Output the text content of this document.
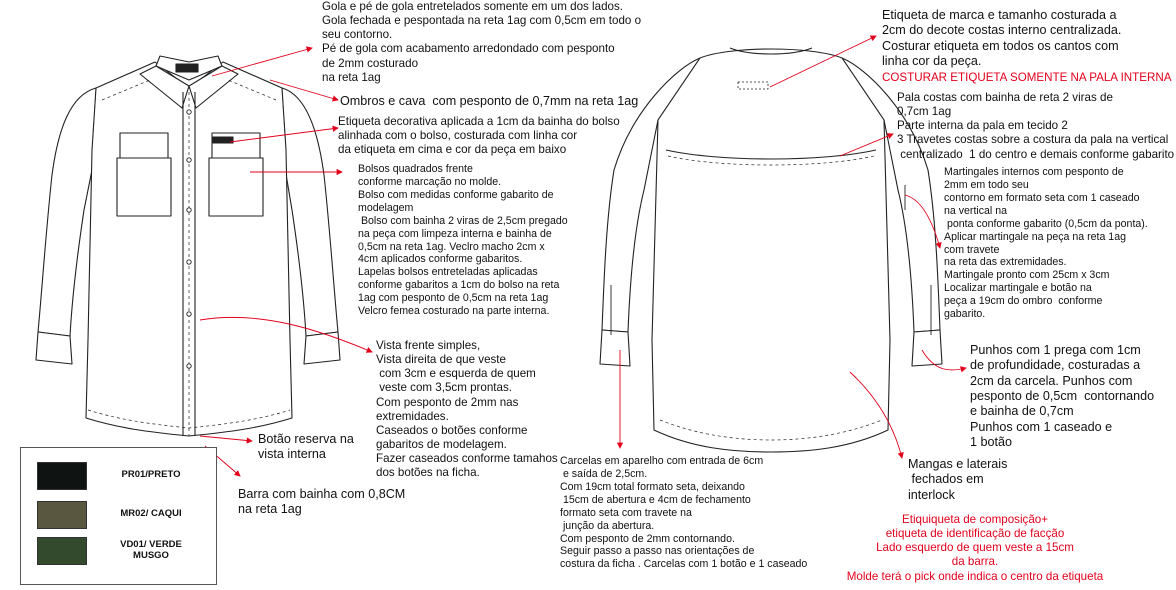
Gola e pé de gola entretelados somente em um dos lados.
Gola fechada e pespontada na reta 1ag com 0,5cm em todo o
seu contorno.
Pé de gola com acabamento arredondado com pesponto
de 2mm costurado
na reta 1ag
Ombros e cava  com pesponto de 0,7mm na reta 1ag
Etiqueta decorativa aplicada a 1cm da bainha do bolso
alinhada com o bolso, costurada com linha cor
da etiqueta em cima e cor da peça em baixo
Bolsos quadrados frente
conforme marcação no molde.
Bolso com medidas conforme gabarito de
modelagem
Bolso com bainha 2 viras de 2,5cm pregado
na peça com limpeza interna e bainha de
0,5cm na reta 1ag. Veclro macho 2cm x
4cm aplicados conforme gabaritos.
Lapelas bolsos entreteladas aplicadas
conforme gabaritos a 1cm do bolso na reta
1ag com pesponto de 0,5cm na reta 1ag
Velcro femea costurado na parte interna.
Vista frente simples,
Vista direita de que veste
com 3cm e esquerda de quem
veste com 3,5cm prontas.
Com pesponto de 2mm nas
extremidades.
Caseados o botões conforme
gabaritos de modelagem.
Fazer caseados conforme tamahos
dos botões na ficha.
Botão reserva na
vista interna
Barra com bainha com 0,8CM
na reta 1ag
Etiqueta de marca e tamanho costurada a
2cm do decote costas interno centralizada.
Costurar etiqueta em todos os cantos com
linha cor da peça.
COSTURAR ETIQUETA SOMENTE NA PALA INTERNA
Pala costas com bainha de reta 2 viras de
0,7cm 1ag
Parte interna da pala em tecido 2
3 Travetes costas sobre a costura da pala na vertical
centralizado  1 do centro e demais conforme gabarito
Martingales internos com pesponto de
2mm em todo seu
contorno em formato seta com 1 caseado
na vertical na
ponta conforme gabarito (0,5cm da ponta).
Aplicar martingale na peça na reta 1ag
com travete
na reta das extremidades.
Martingale pronto com 25cm x 3cm
Localizar martingale e botão na
peça a 19cm do ombro  conforme
gabarito.
Punhos com 1 prega com 1cm
de profundidade, costuradas a
2cm da carcela. Punhos com
pesponto de 0,5cm  contornando
e bainha de 0,7cm
Punhos com 1 caseado e
1 botão
Carcelas em aparelho com entrada de 6cm
e saída de 2,5cm.
Com 19cm total formato seta, deixando
15cm de abertura e 4cm de fechamento
formato seta com travete na
junção da abertura.
Com pesponto de 2mm contornando.
Seguir passo a passo nas orientações de
costura da ficha . Carcelas com 1 botão e 1 caseado
Mangas e laterais
fechados em
interlock
Etiquiqueta de composição+
etiqueta de identificação de facção
Lado esquerdo de quem veste a 15cm
da barra.
Molde terá o pick onde indica o centro da etiqueta
PR01/PRETO
MR02/ CAQUI
VD01/ VERDE
MUSGO
